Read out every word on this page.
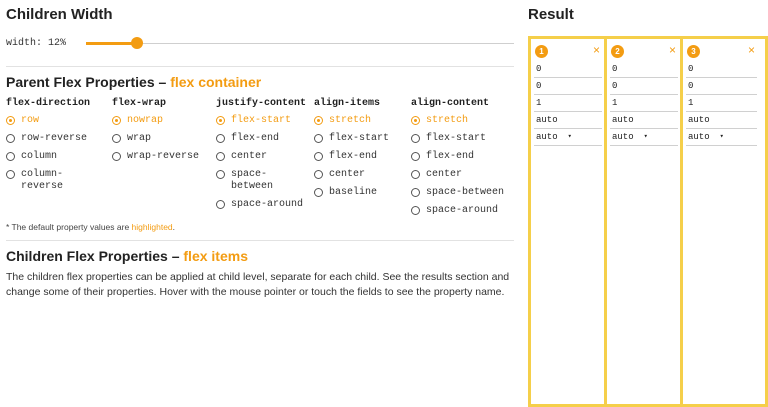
Children Width
width: 12%
Parent Flex Properties – flex container
flex-direction
row
row-reverse
column
column-
reverse
flex-wrap
nowrap
wrap
wrap-reverse
justify-content
flex-start
flex-end
center
space-
between
space-around
align-items
stretch
flex-start
flex-end
center
baseline
align-content
stretch
flex-start
flex-end
center
space-between
space-around
* The default property values are highlighted.
Children Flex Properties – flex items
The children flex properties can be applied at child level, separate for each child. See the results section and change some of their properties. Hover with the mouse pointer or touch the fields to see the property name.
Result
1	×
0
0
1
auto
auto ▾
2	×
0
0
1
auto
auto ▾
3	×
0
0
1
auto
auto ▾
